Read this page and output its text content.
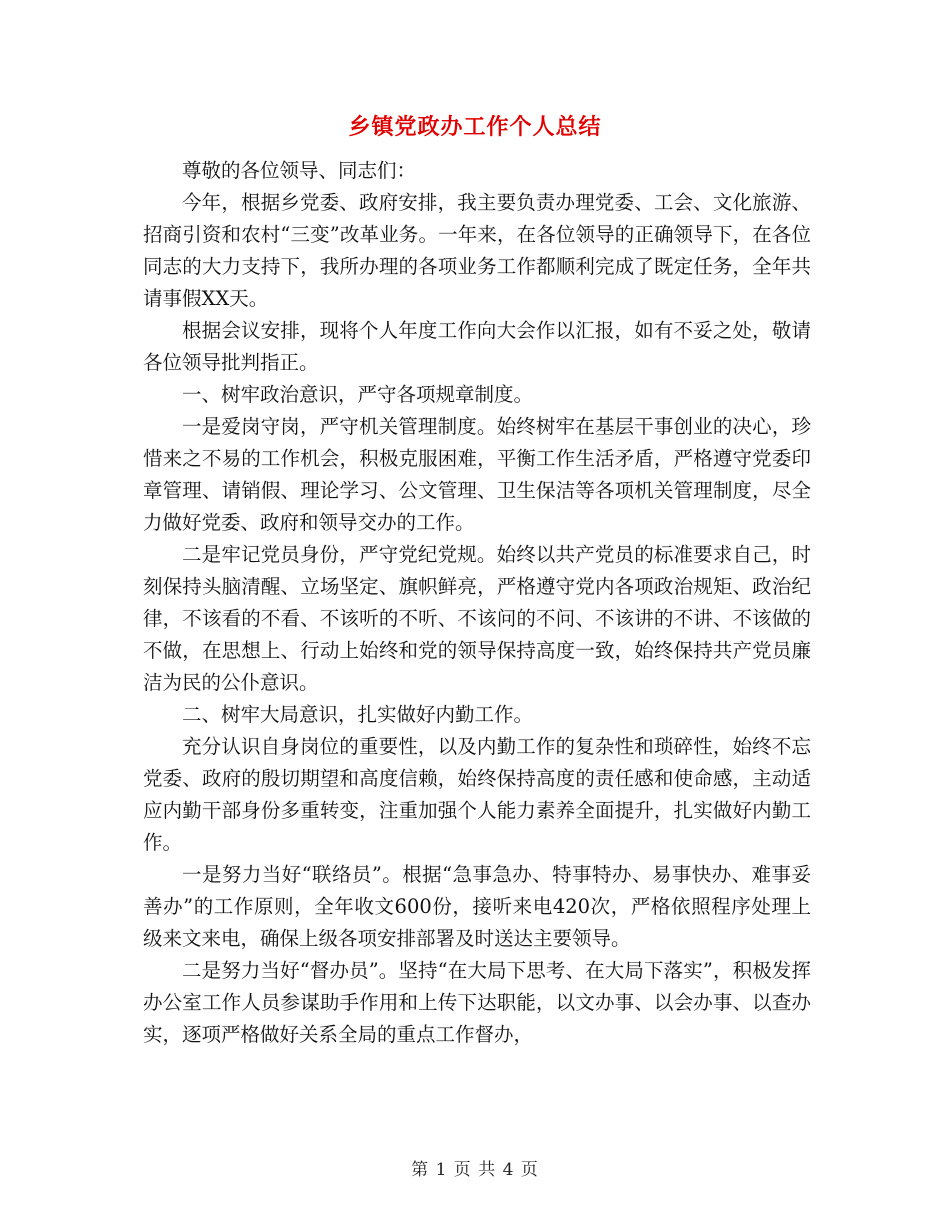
乡镇党政办工作个人总结

尊敬的各位领导、同志们：

今年，根据乡党委、政府安排，我主要负责办理党委、工会、文化旅游、招商引资和农村“三变”改革业务。一年来，在各位领导的正确领导下，在各位同志的大力支持下，我所办理的各项业务工作都顺利完成了既定任务，全年共请事假XX天。

根据会议安排，现将个人年度工作向大会作以汇报，如有不妥之处，敬请各位领导批判指正。

一、树牢政治意识，严守各项规章制度。

一是爱岗守岗，严守机关管理制度。始终树牢在基层干事创业的决心，珍惜来之不易的工作机会，积极克服困难，平衡工作生活矛盾，严格遵守党委印章管理、请销假、理论学习、公文管理、卫生保洁等各项机关管理制度，尽全力做好党委、政府和领导交办的工作。

二是牢记党员身份，严守党纪党规。始终以共产党员的标准要求自己，时刻保持头脑清醒、立场坚定、旗帜鲜亮，严格遵守党内各项政治规矩、政治纪律，不该看的不看、不该听的不听、不该问的不问、不该讲的不讲、不该做的不做，在思想上、行动上始终和党的领导保持高度一致，始终保持共产党员廉洁为民的公仆意识。

二、树牢大局意识，扎实做好内勤工作。

充分认识自身岗位的重要性，以及内勤工作的复杂性和琐碎性，始终不忘党委、政府的殷切期望和高度信赖，始终保持高度的责任感和使命感，主动适应内勤干部身份多重转变，注重加强个人能力素养全面提升，扎实做好内勤工作。

一是努力当好“联络员”。根据“急事急办、特事特办、易事快办、难事妥善办”的工作原则，全年收文600份，接听来电420次，严格依照程序处理上级来文来电，确保上级各项安排部署及时送达主要领导。

二是努力当好“督办员”。坚持“在大局下思考、在大局下落实”，积极发挥办公室工作人员参谋助手作用和上传下达职能，以文办事、以会办事、以查办实，逐项严格做好关系全局的重点工作督办，

第 1 页 共 4 页
